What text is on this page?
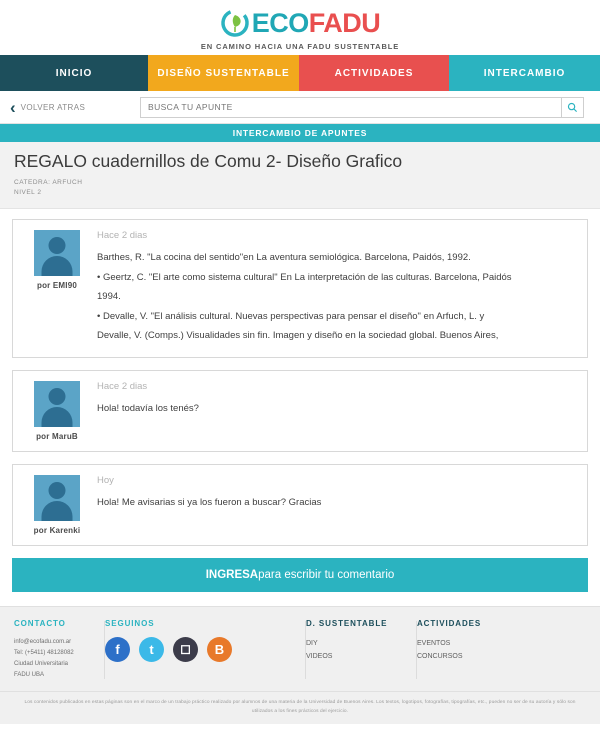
ECOFADU
EN CAMINO HACIA UNA FADU SUSTENTABLE
INICIO	DISEÑO SUSTENTABLE	ACTIVIDADES	INTERCAMBIO
‹ VOLVER ATRAS
BUSCA TU APUNTE
INTERCAMBIO DE APUNTES
REGALO cuadernillos de Comu 2- Diseño Grafico
CATEDRA: ARFUCH
NIVEL 2
por EMI90
Hace 2 dias

Barthes, R. "La cocina del sentido"en La aventura semiológica. Barcelona, Paidós, 1992.

• Geertz, C. "El arte como sistema cultural" En La interpretación de las culturas. Barcelona, Paidós

1994.

• Devalle, V. "El análisis cultural. Nuevas perspectivas para pensar el diseño" en Arfuch, L. y

Devalle, V. (Comps.) Visualidades sin fin. Imagen y diseño en la sociedad global. Buenos Aires,

por MaruB
Hace 2 dias

Hola! todavía los tenés?

por Karenki
Hoy

Hola! Me avisarias si ya los fueron a buscar? Gracias

INGRESA para escribir tu comentario
CONTACTO
info@ecofadu.com.ar
Tel: (+5411) 48128082
Ciudad Universitaria
FADU UBA
SEGUINOS
f	t	◻	B
D. SUSTENTABLE
DIY
VIDEOS
ACTIVIDADES
EVENTOS
CONCURSOS
Los contenidos publicados en estas páginas son en el marco de un trabajo práctico realizado por alumnos de una materia de la Universidad de Buenos Aires. Los textos, logotipos, fotografías, tipografías, etc., pueden no ser de su autoría y sólo son utilizados a los fines prácticos del ejercicio.
